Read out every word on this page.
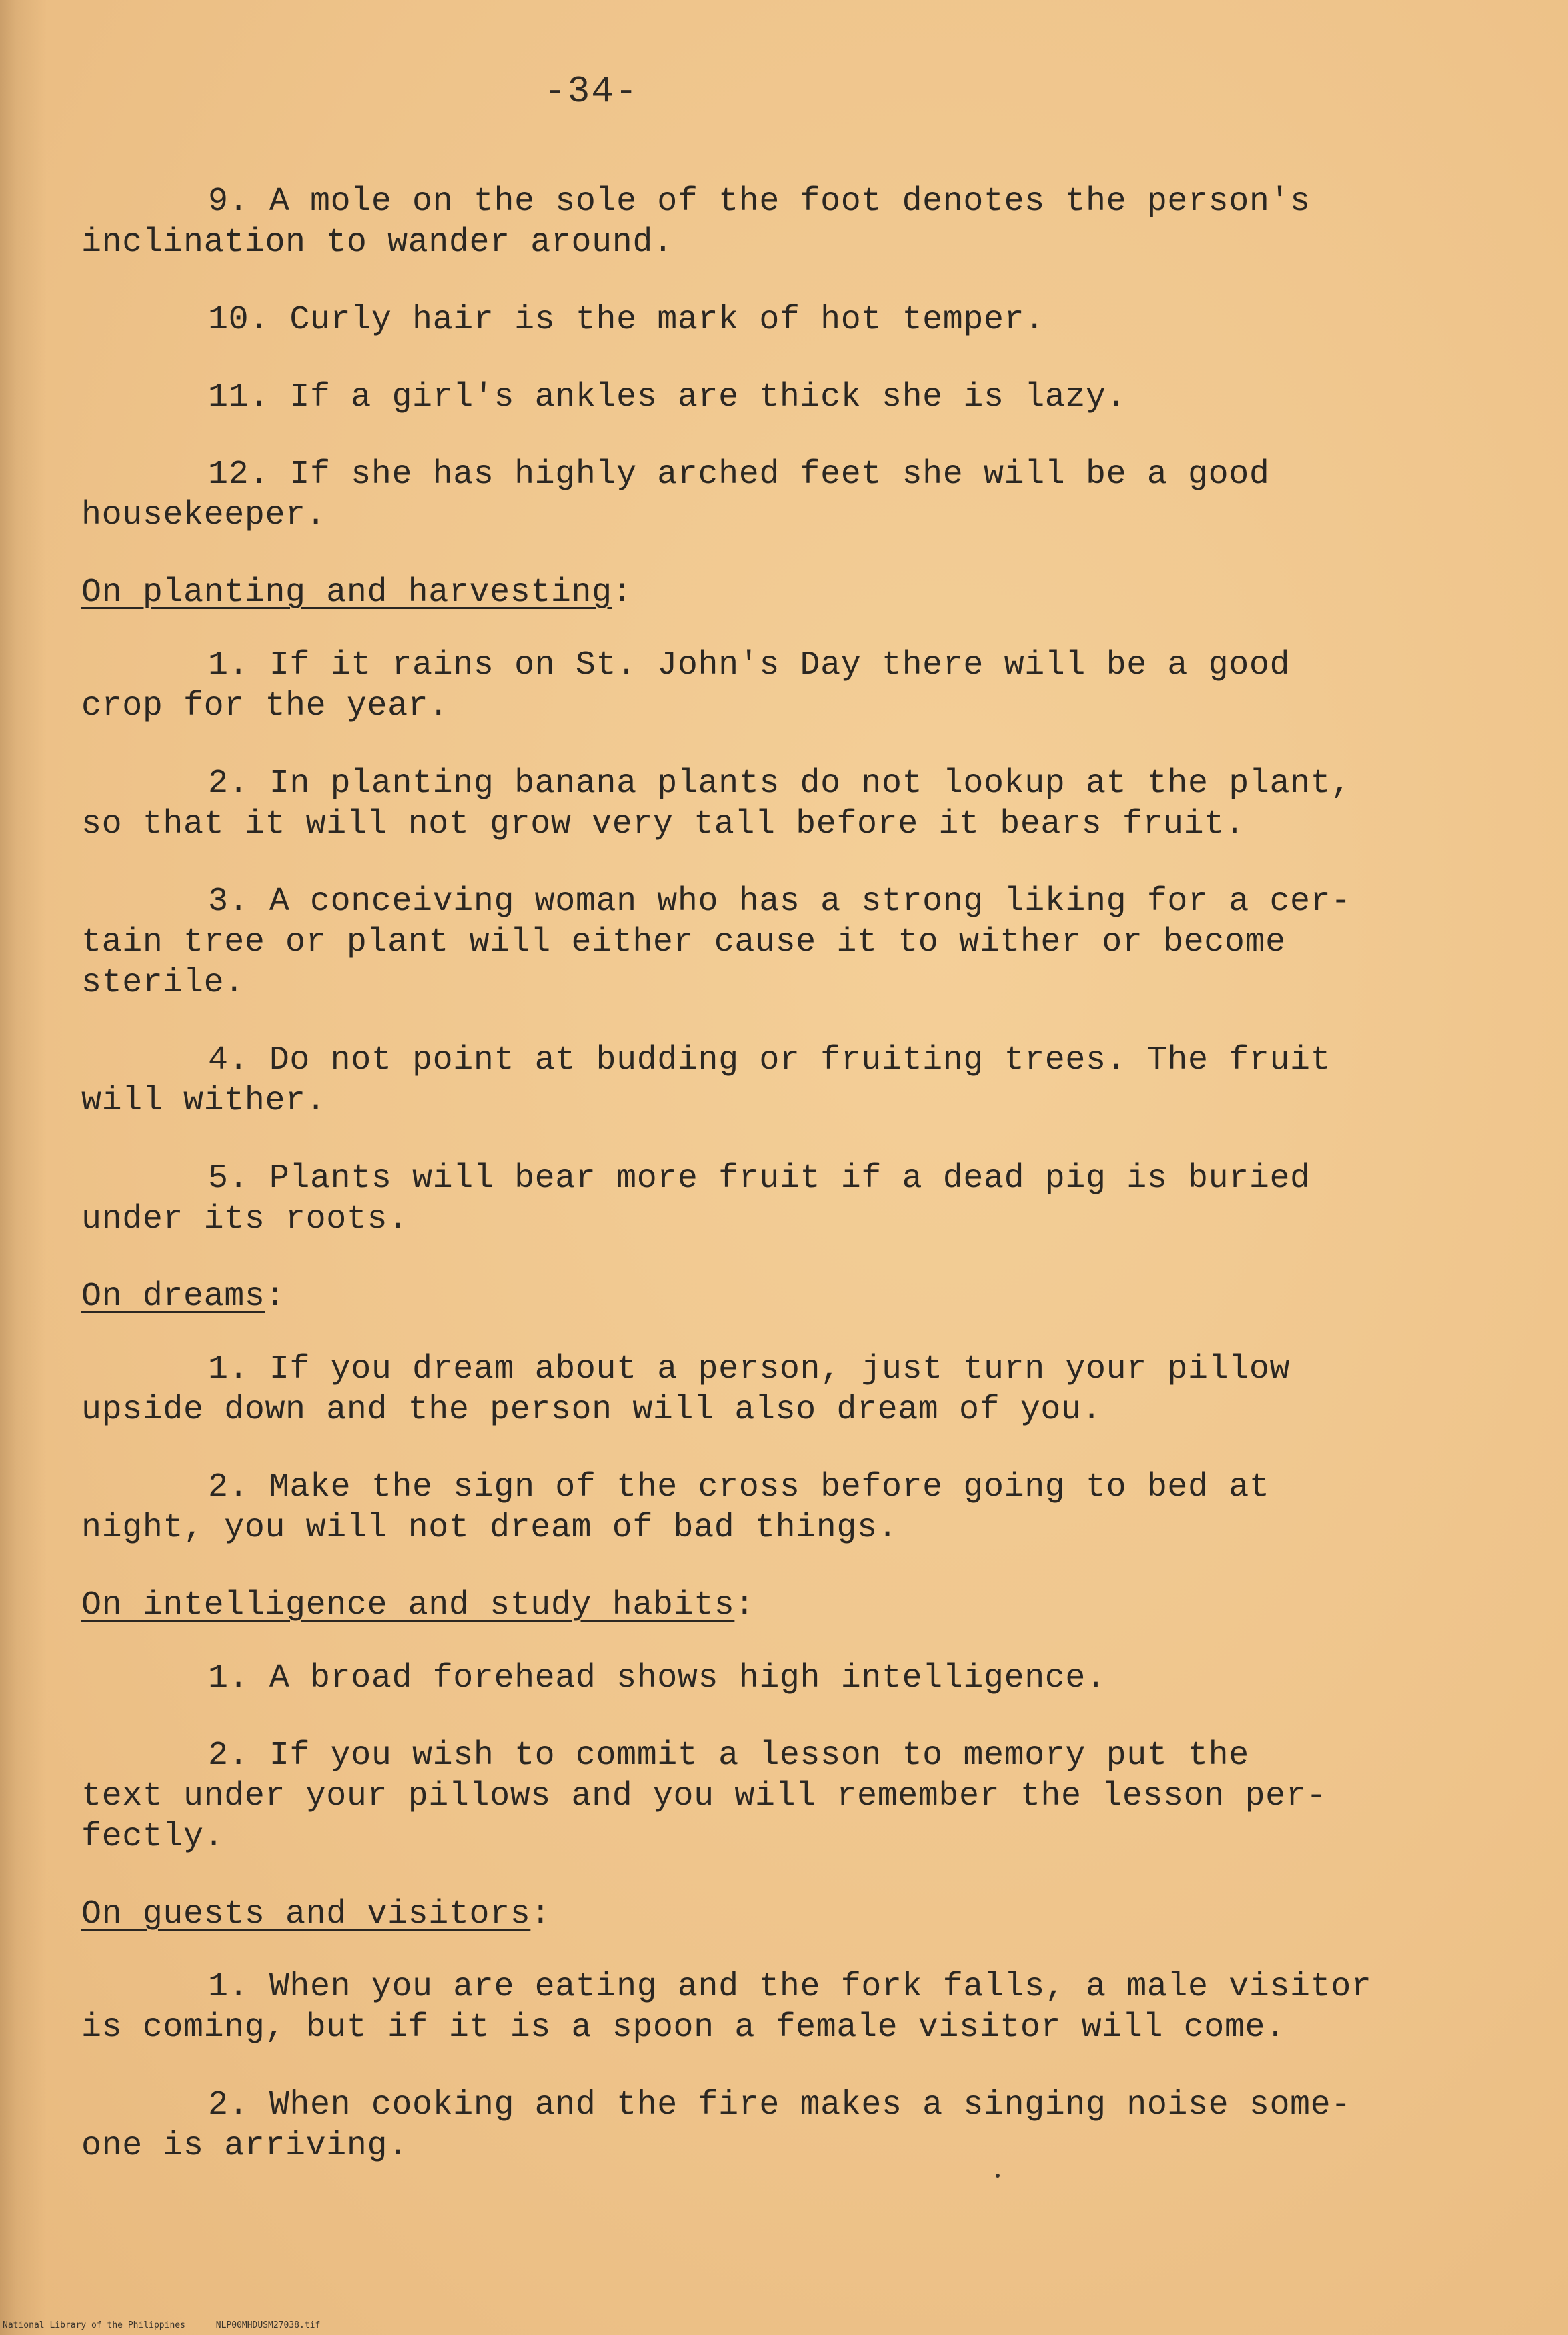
-34-

9. A mole on the sole of the foot denotes the person's
inclination to wander around.

10. Curly hair is the mark of hot temper.

11. If a girl's ankles are thick she is lazy.

12. If she has highly arched feet she will be a good
housekeeper.

On planting and harvesting:

1. If it rains on St. John's Day there will be a good
crop for the year.

2. In planting banana plants do not lookup at the plant,
so that it will not grow very tall before it bears fruit.

3. A conceiving woman who has a strong liking for a cer-
tain tree or plant will either cause it to wither or become
sterile.

4. Do not point at budding or fruiting trees. The fruit
will wither.

5. Plants will bear more fruit if a dead pig is buried
under its roots.

On dreams:

1. If you dream about a person, just turn your pillow
upside down and the person will also dream of you.

2. Make the sign of the cross before going to bed at
night, you will not dream of bad things.

On intelligence and study habits:

1. A broad forehead shows high intelligence.

2. If you wish to commit a lesson to memory put the
text under your pillows and you will remember the lesson per-
fectly.

On guests and visitors:

1. When you are eating and the fork falls, a male visitor
is coming, but if it is a spoon a female visitor will come.

2. When cooking and the fire makes a singing noise some-
one is arriving.

National Library of the Philippines	NLP00MHDUSM27038.tif
